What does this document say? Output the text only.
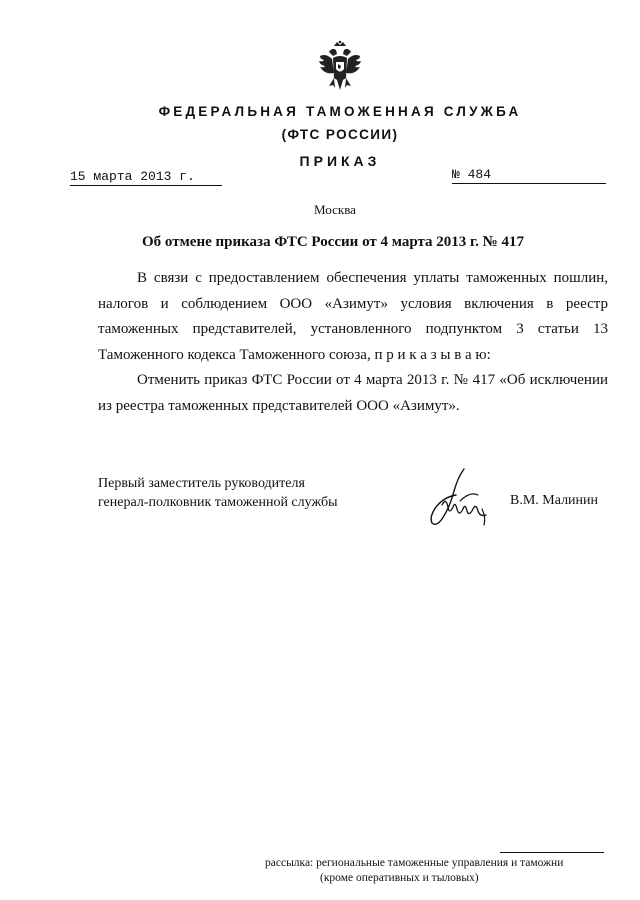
ФЕДЕРАЛЬНАЯ ТАМОЖЕННАЯ СЛУЖБА
(ФТС РОССИИ)
ПРИКАЗ
15 марта 2013 г.	№ 484
Москва
Об отмене приказа ФТС России от 4 марта 2013 г. № 417

В связи с предоставлением обеспечения уплаты таможенных пошлин, налогов и соблюдением ООО «Азимут» условия включения в реестр таможенных представителей, установленного подпунктом 3 статьи 13 Таможенного кодекса Таможенного союза, п р и к а з ы в а ю:

Отменить приказ ФТС России от 4 марта 2013 г. № 417 «Об исключении из реестра таможенных представителей ООО «Азимут».

Первый заместитель руководителя
генерал-полковник таможенной службы	В.М. Малинин
рассылка: региональные таможенные управления и таможни
(кроме оперативных и тыловых)
